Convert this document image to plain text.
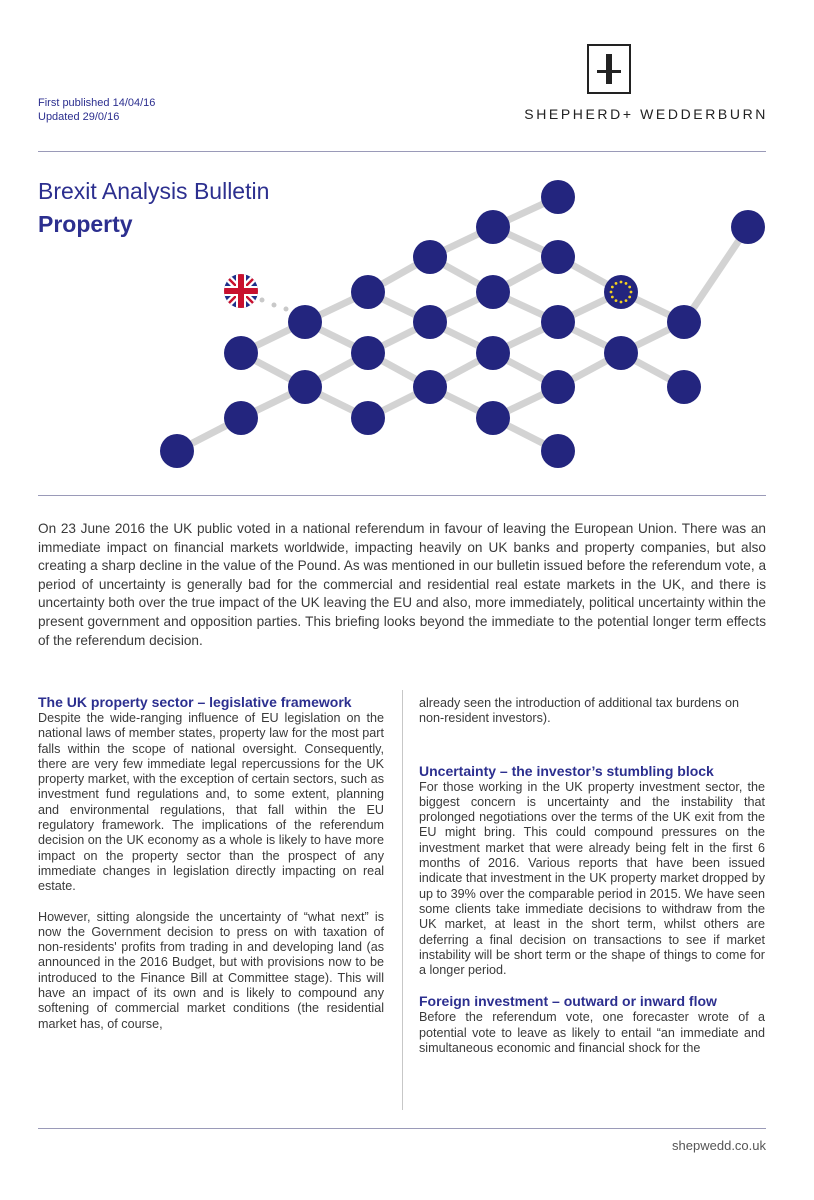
First published 14/04/16
Updated 29/0/16	SHEPHERD+ WEDDERBURN
Brexit Analysis Bulletin
Property

On 23 June 2016 the UK public voted in a national referendum in favour of leaving the European Union. There was an immediate impact on financial markets worldwide, impacting heavily on UK banks and property companies, but also creating a sharp decline in the value of the Pound. As was mentioned in our bulletin issued before the referendum vote, a period of uncertainty is generally bad for the commercial and residential real estate markets in the UK, and there is uncertainty both over the true impact of the UK leaving the EU and also, more immediately, political uncertainty within the present government and opposition parties. This briefing looks beyond the immediate to the potential longer term effects of the referendum decision.

The UK property sector – legislative framework

Despite the wide-ranging influence of EU legislation on the national laws of member states, property law for the most part falls within the scope of national oversight. Consequently, there are very few immediate legal repercussions for the UK property market, with the exception of certain sectors, such as investment fund regulations and, to some extent, planning and environmental regulations, that fall within the EU regulatory framework. The implications of the referendum decision on the UK economy as a whole is likely to have more impact on the property sector than the prospect of any immediate changes in legislation directly impacting on real estate.

However, sitting alongside the uncertainty of “what next” is now the Government decision to press on with taxation of non-residents' profits from trading in and developing land (as announced in the 2016 Budget, but with provisions now to be introduced to the Finance Bill at Committee stage). This will have an impact of its own and is likely to compound any softening of commercial market conditions (the residential market has, of course,

already seen the introduction of additional tax burdens on non-resident investors).

Uncertainty – the investor’s stumbling block

For those working in the UK property investment sector, the biggest concern is uncertainty and the instability that prolonged negotiations over the terms of the UK exit from the EU might bring. This could compound pressures on the investment market that were already being felt in the first 6 months of 2016. Various reports that have been issued indicate that investment in the UK property market dropped by up to 39% over the comparable period in 2015. We have seen some clients take immediate decisions to withdraw from the UK market, at least in the short term, whilst others are deferring a final decision on transactions to see if market instability will be short term or the shape of things to come for a longer period.

Foreign investment – outward or inward flow

Before the referendum vote, one forecaster wrote of a potential vote to leave as likely to entail “an immediate and simultaneous economic and financial shock for the

shepwedd.co.uk
